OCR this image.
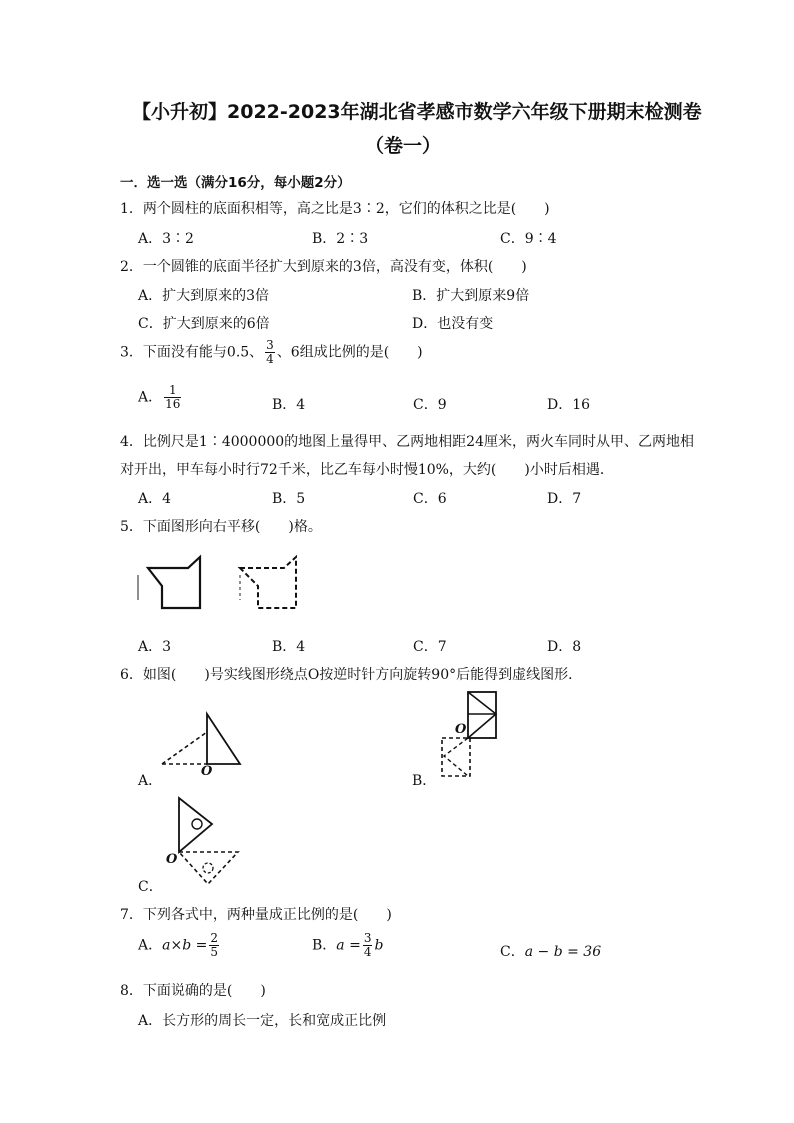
【小升初】2022-2023年湖北省孝感市数学六年级下册期末检测卷
（卷一）
一．选一选（满分16分，每小题2分）
1．两个圆柱的底面积相等，高之比是3∶2，它们的体积之比是(　　)
A．3∶2	B．2∶3	C．9∶4
2．一个圆锥的底面半径扩大到原来的3倍，高没有变，体积(　　)
A．扩大到原来的3倍	B．扩大到原来9倍
C．扩大到原来的6倍	D．也没有变
3．下面没有能与0.5、 $\frac{3}{4}$ 、6组成比例的是(　　)
A． $\frac{1}{16}$	B．4	C．9	D．16
4．比例尺是1∶4000000的地图上量得甲、乙两地相距24厘米，两火车同时从甲、乙两地相
对开出，甲车每小时行72千米，比乙车每小时慢10%，大约(　　)小时后相遇．
A．4	B．5	C．6	D．7
5．下面图形向右平移(　　)格。
A．3	B．4	C．7	D．8
6．如图(　　)号实线图形绕点O按逆时针方向旋转90°后能得到虚线图形．
O
A．
O
B．
O
C．
7．下列各式中，两种量成正比例的是(　　)
A．$a\times b = \frac{2}{5}$	B．$a = \frac{3}{4}$ b	C．a − b = 36
8．下面说确的是(　　)
A．长方形的周长一定，长和宽成正比例
